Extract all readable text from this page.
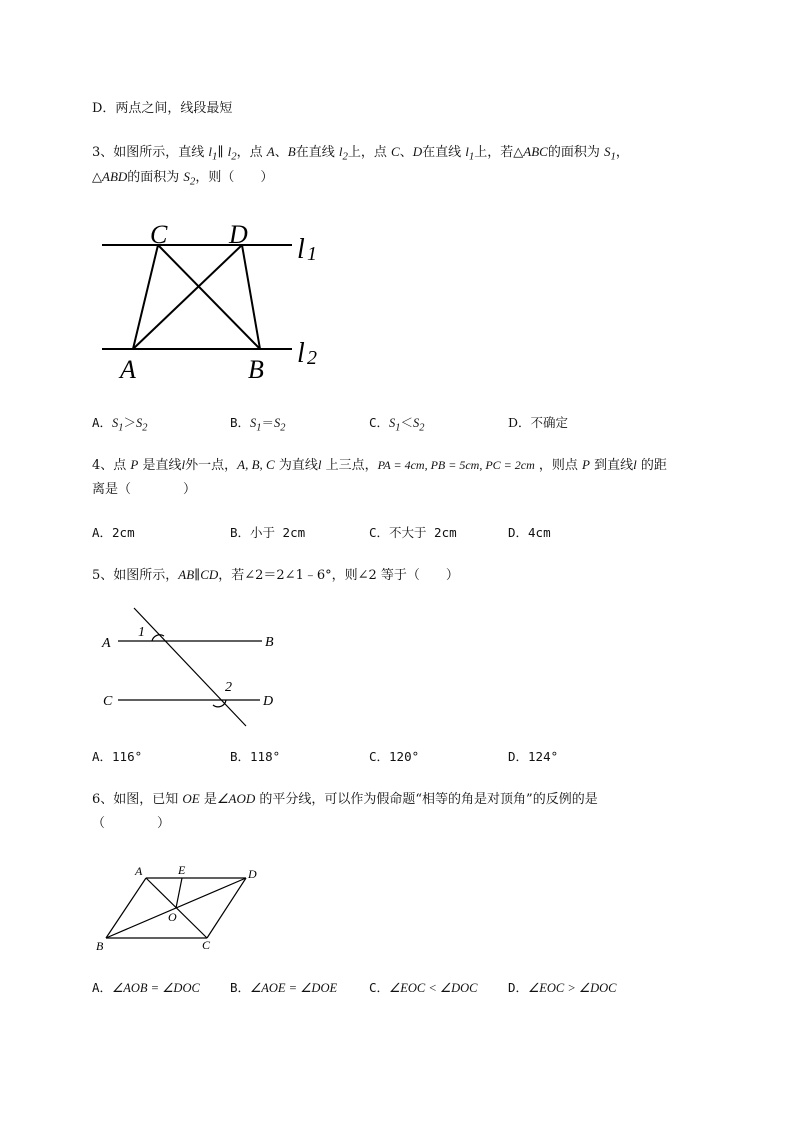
D．两点之间，线段最短
3、如图所示，直线 $l_1\parallel$ $l_2$，点 A、B在直线 $l_2$上，点 C、D在直线 $l_1$上，若△ABC的面积为 $S_1$，
△ABD的面积为 $S_2$，则（　　）
C D
A	B
l 1
l 2
A．$S_1>S_2$	B．$S_1=S_2$	C．$S_1<S_2$	D．不确定
4、点 P 是直线l外一点，A, B, C 为直线l 上三点，PA = 4cm, PB = 5cm, PC = 2cm ，则点 P 到直线l 的距
离是（　　　　）
A．2cm	B．小于 2cm	C．不大于 2cm	D．4cm
5、如图所示，AB∥CD，若∠2＝2∠1﹣6°，则∠2 等于（　　）
A	B
C	D
1
2
A．116°	B．118°	C．120°	D．124°
6、如图，已知 OE 是∠AOD 的平分线，可以作为假命题“相等的角是对顶角”的反例的是
（　　　　）
A	E	D
O
B	C
A．∠AOB = ∠DOC B．∠AOE = ∠DOE	C．∠EOC < ∠DOC D．∠EOC > ∠DOC
